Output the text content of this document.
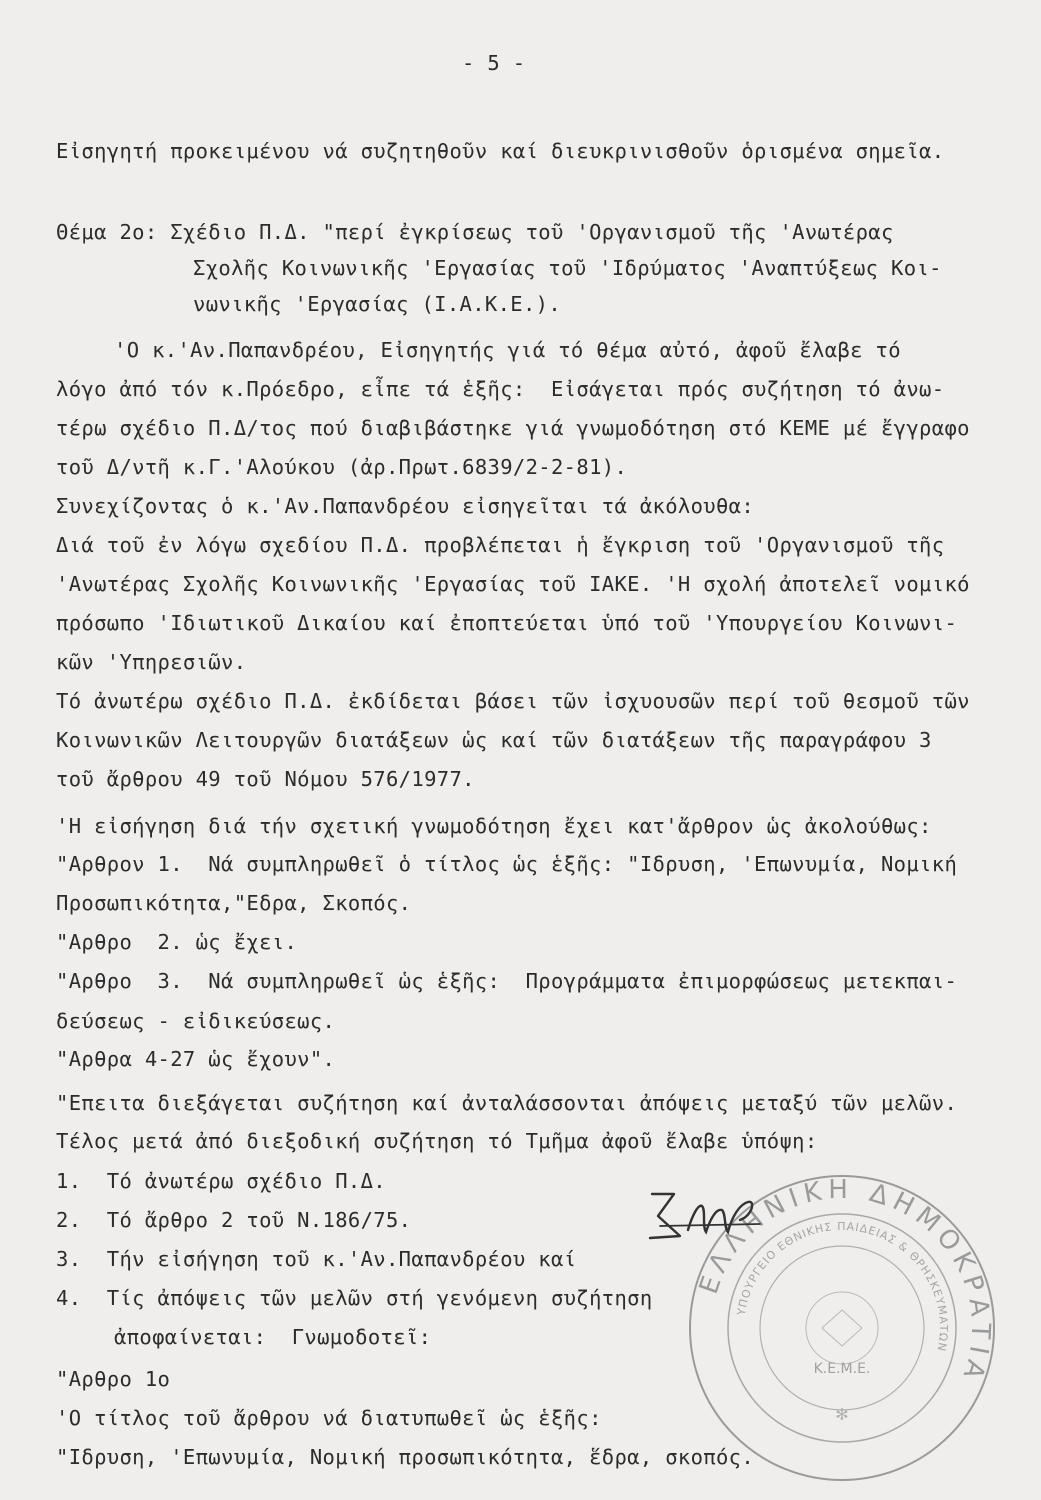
- 5 -
Εἰσηγητή προκειμένου νά συζητηθοῦν καί διευκρινισθοῦν ὁρισμένα σημεῖα.
Θέμα 2ο: Σχέδιο Π.Δ. "περί ἐγκρίσεως τοῦ 'Οργανισμοῦ τῆς 'Ανωτέρας
Σχολῆς Κοινωνικῆς 'Εργασίας τοῦ 'Ιδρύματος 'Αναπτύξεως Κοι-
νωνικῆς 'Εργασίας (Ι.Α.Κ.Ε.).
'Ο κ.'Αν.Παπανδρέου, Εἰσηγητής γιά τό θέμα αὐτό, ἀφοῦ ἔλαβε τό
λόγο ἀπό τόν κ.Πρόεδρο, εἶπε τά ἑξῆς:  Εἰσάγεται πρός συζήτηση τό ἀνω-
τέρω σχέδιο Π.Δ/τος πού διαβιβάστηκε γιά γνωμοδότηση στό ΚΕΜΕ μέ ἔγγραφο
τοῦ Δ/ντῆ κ.Γ.'Αλούκου (ἀρ.Πρωτ.6839/2-2-81).
Συνεχίζοντας ὁ κ.'Αν.Παπανδρέου εἰσηγεῖται τά ἀκόλουθα:
Διά τοῦ ἐν λόγω σχεδίου Π.Δ. προβλέπεται ἡ ἔγκριση τοῦ 'Οργανισμοῦ τῆς
'Ανωτέρας Σχολῆς Κοινωνικῆς 'Εργασίας τοῦ ΙΑΚΕ. 'Η σχολή ἀποτελεῖ νομικό
πρόσωπο 'Ιδιωτικοῦ Δικαίου καί ἐποπτεύεται ὑπό τοῦ 'Υπουργείου Κοινωνι-
κῶν 'Υπηρεσιῶν.
Τό ἀνωτέρω σχέδιο Π.Δ. ἐκδίδεται βάσει τῶν ἰσχυουσῶν περί τοῦ θεσμοῦ τῶν
Κοινωνικῶν Λειτουργῶν διατάξεων ὡς καί τῶν διατάξεων τῆς παραγράφου 3
τοῦ ἄρθρου 49 τοῦ Νόμου 576/1977.
'Η εἰσήγηση διά τήν σχετική γνωμοδότηση ἔχει κατ'ἄρθρον ὡς ἀκολούθως:
"Αρθρον 1.  Νά συμπληρωθεῖ ὁ τίτλος ὡς ἑξῆς: "Ιδρυση, 'Επωνυμία, Νομική
Προσωπικότητα,"Εδρα, Σκοπός.
"Αρθρο  2. ὡς ἔχει.
"Αρθρο  3.  Νά συμπληρωθεῖ ὡς ἑξῆς:  Προγράμματα ἐπιμορφώσεως μετεκπαι-
δεύσεως - εἰδικεύσεως.
"Αρθρα 4-27 ὡς ἔχουν".
"Επειτα διεξάγεται συζήτηση καί ἀνταλάσσονται ἀπόψεις μεταξύ τῶν μελῶν.
Τέλος μετά ἀπό διεξοδική συζήτηση τό Τμῆμα ἀφοῦ ἔλαβε ὑπόψη:
1.  Τό ἀνωτέρω σχέδιο Π.Δ.
2.  Τό ἄρθρο 2 τοῦ Ν.186/75.
3.  Τήν εἰσήγηση τοῦ κ.'Αν.Παπανδρέου καί
4.  Τίς ἀπόψεις τῶν μελῶν στή γενόμενη συζήτηση
ἀποφαίνεται:  Γνωμοδοτεῖ:
"Αρθρο 1ο
'Ο τίτλος τοῦ ἄρθρου νά διατυπωθεῖ ὡς ἑξῆς:
"Ιδρυση, 'Επωνυμία, Νομική προσωπικότητα, ἕδρα, σκοπός.
ΕΛΛΗΝΙΚΗ ΔΗΜΟΚΡΑΤΙΑ
ΥΠΟΥΡΓΕΙΟ ΕΘΝΙΚΗΣ ΠΑΙΔΕΙΑΣ & ΘΡΗΣΚΕΥΜΑΤΩΝ
Κ.Ε.Μ.Ε.
✻
